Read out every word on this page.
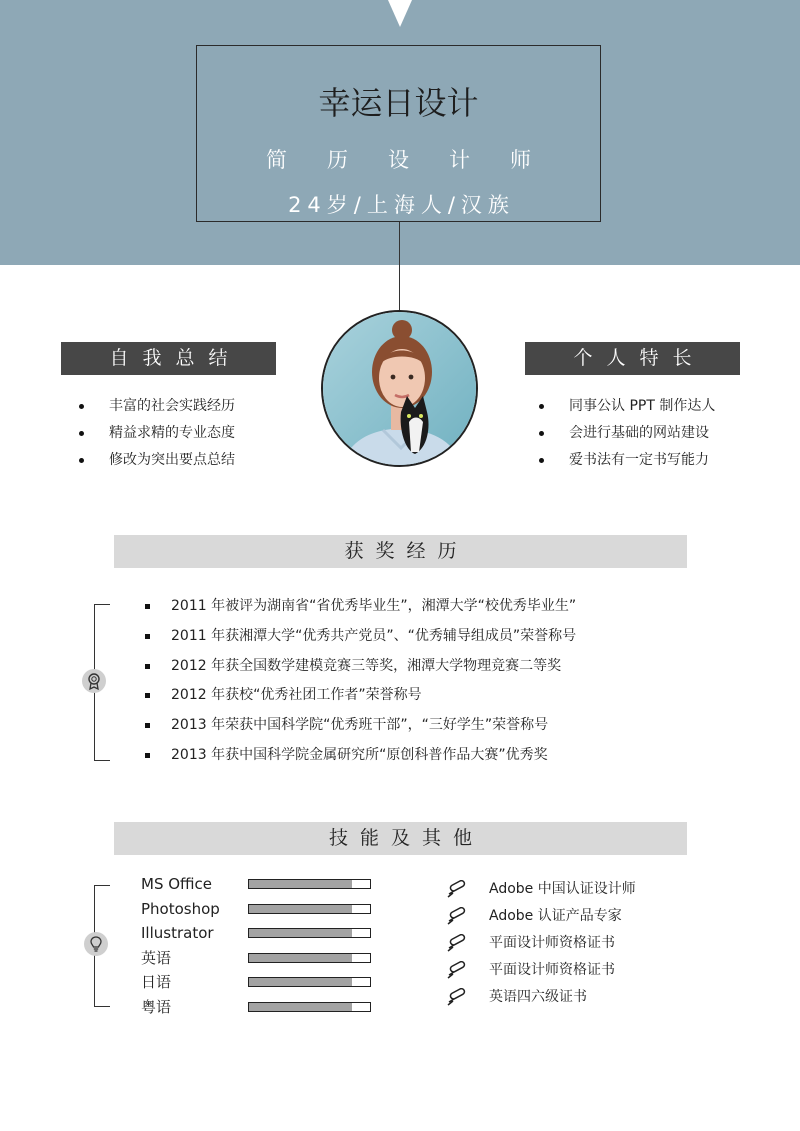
幸运日设计
简历设计师
24岁/上海人/汉族
自我总结
丰富的社会实践经历
精益求精的专业态度
修改为突出要点总结
个人特长
同事公认 PPT 制作达人
会进行基础的网站建设
爱书法有一定书写能力
获奖经历
2011 年被评为湖南省“省优秀毕业生”，湘潭大学“校优秀毕业生”
2011 年获湘潭大学“优秀共产党员”、“优秀辅导组成员”荣誉称号
2012 年获全国数学建模竞赛三等奖，湘潭大学物理竞赛二等奖
2012 年获校“优秀社团工作者”荣誉称号
2013 年荣获中国科学院“优秀班干部”，“三好学生”荣誉称号
2013 年获中国科学院金属研究所“原创科普作品大赛”优秀奖
技能及其他
MS Office
Photoshop
Illustrator
英语
日语
粤语
Adobe 中国认证设计师
Adobe 认证产品专家
平面设计师资格证书
平面设计师资格证书
英语四六级证书
